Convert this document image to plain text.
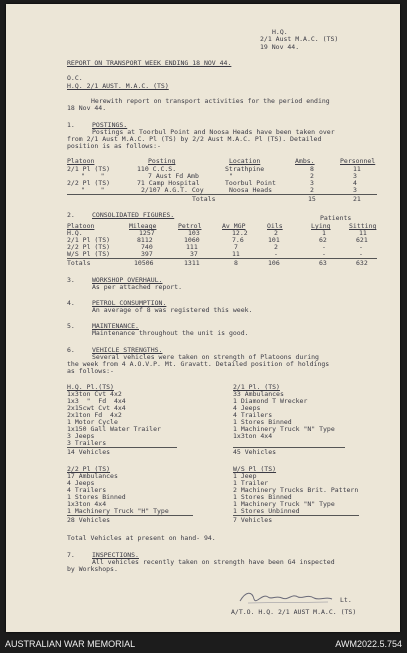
H.Q.
2/1 Aust M.A.C. (TS)
19 Nov 44.
REPORT ON TRANSPORT WEEK ENDING 18 NOV 44.
O.C.
H.Q. 2/1 AUST. M.A.C. (TS)
Herewith report on transport activities for the period ending
18 Nov 44.
1.	POSTINGS.
Postings at Toorbul Point and Noosa Heads have been taken over
from 2/1 Aust M.A.C. Pl (TS) by 2/2 Aust M.A.C. Pl (TS). Detailed
position is as follows:-
Platoon	Posting	Location	Ambs.	Personnel
2/1 Pl (TS)	110 C.C.S.	Strathpine	8	11
"    "	7 Aust Fd Amb	"	2	3
2/2 Pl (TS)	71 Camp Hospital	Toorbul Point	3	4
"    "	2/107 A.G.T. Coy	Noosa Heads	2	3
Totals	15	21
2.	CONSOLIDATED FIGURES.	Patients
Platoon	Mileage	Petrol	Av MGP	Oils	Lying	Sitting
H.Q.	1257	103	12.2	2	1	11
2/1 Pl (TS)	8112	1060	7.6	101	62	621
2/2 Pl (TS)	740	111	7	2	-	-
W/S Pl (TS)	397	37	11	-	-	-
Totals	10506	1311	8	106	63	632
3.	WORKSHOP OVERHAUL.
As per attached report.
4.	PETROL CONSUMPTION.
An average of 8 was registered this week.
5.	MAINTENANCE.
Maintenance throughout the unit is good.
6.	VEHICLE STRENGTHS.
Several vehicles were taken on strength of Platoons during
the week from 4 A.O.V.P. Mt. Gravatt. Detailed position of holdings
as follows:-
H.Q. Pl.(TS)
1x3ton Cvt 4x2
1x3  "  Fd  4x4
2x15cwt Cvt 4x4
2x1ton Fd  4x2
1 Motor Cycle
1x150 Gall Water Trailer
3 Jeeps
3 Trailers
14 Vehicles
2/1 Pl. (TS)
33 Ambulances
1 Diamond T Wrecker
4 Jeeps
4 Trailers
1 Stores Binned
1 Machinery Truck "N" Type
1x3ton 4x4
45 Vehicles
2/2 Pl (TS)
17 Ambulances
4 Jeeps
4 Trailers
1 Stores Binned
1x3ton 4x4
1 Machinery Truck "H" Type
28 Vehicles
W/S Pl (TS)
1 Jeep
1 Trailer
2 Machinery Trucks Brit. Pattern
1 Stores Binned
1 Machinery Truck "N" Type
1 Stores Unbinned
7 Vehicles
Total Vehicles at present on hand- 94.
7.	INSPECTIONS.
All vehicles recently taken on strength have been G4 inspected
by Workshops.
Lt.
A/T.O. H.Q. 2/1 AUST M.A.C. (TS)
AUSTRALIAN WAR MEMORIAL	AWM2022.5.754
